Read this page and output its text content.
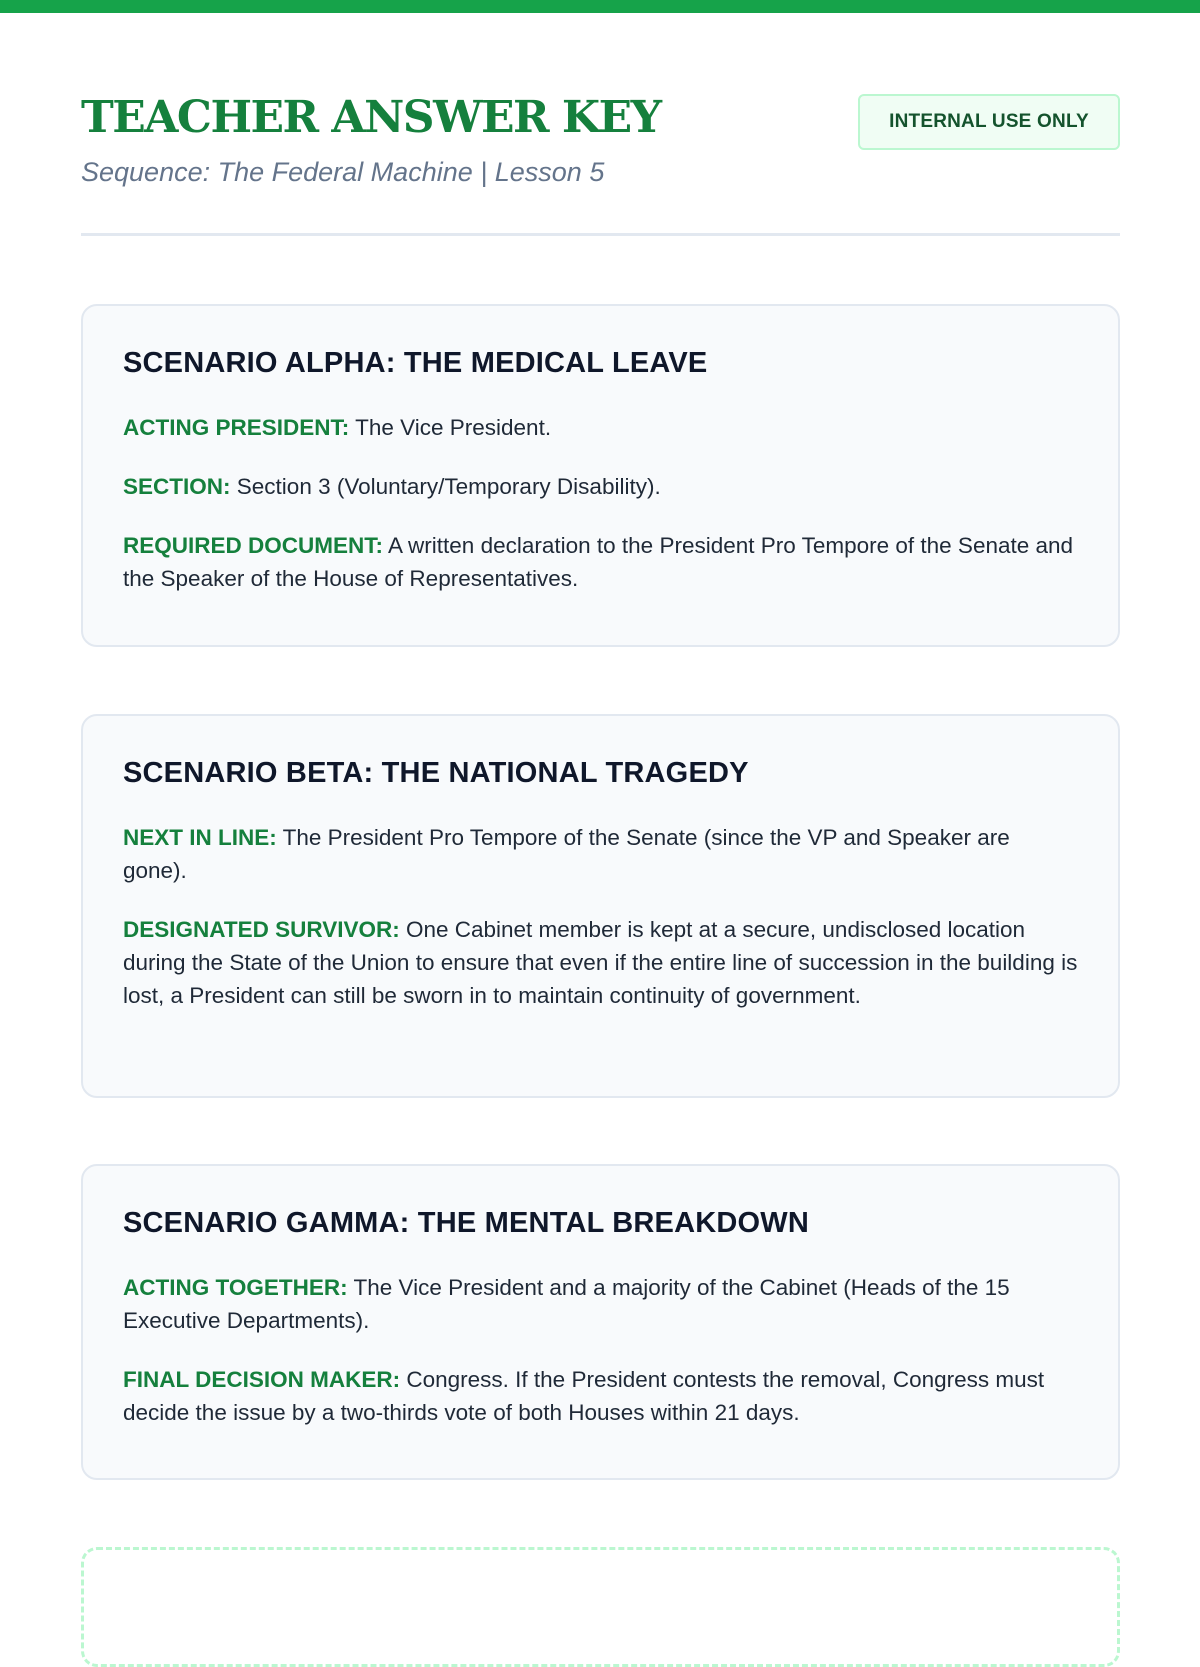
TEACHER ANSWER KEY
Sequence: The Federal Machine | Lesson 5
INTERNAL USE ONLY
SCENARIO ALPHA: THE MEDICAL LEAVE

ACTING PRESIDENT: The Vice President.

SECTION: Section 3 (Voluntary/Temporary Disability).

REQUIRED DOCUMENT: A written declaration to the President Pro Tempore of the Senate and the Speaker of the House of Representatives.

SCENARIO BETA: THE NATIONAL TRAGEDY

NEXT IN LINE: The President Pro Tempore of the Senate (since the VP and Speaker are gone).

DESIGNATED SURVIVOR: One Cabinet member is kept at a secure, undisclosed location during the State of the Union to ensure that even if the entire line of succession in the building is lost, a President can still be sworn in to maintain continuity of government.

SCENARIO GAMMA: THE MENTAL BREAKDOWN

ACTING TOGETHER: The Vice President and a majority of the Cabinet (Heads of the 15 Executive Departments).

FINAL DECISION MAKER: Congress. If the President contests the removal, Congress must decide the issue by a two-thirds vote of both Houses within 21 days.
